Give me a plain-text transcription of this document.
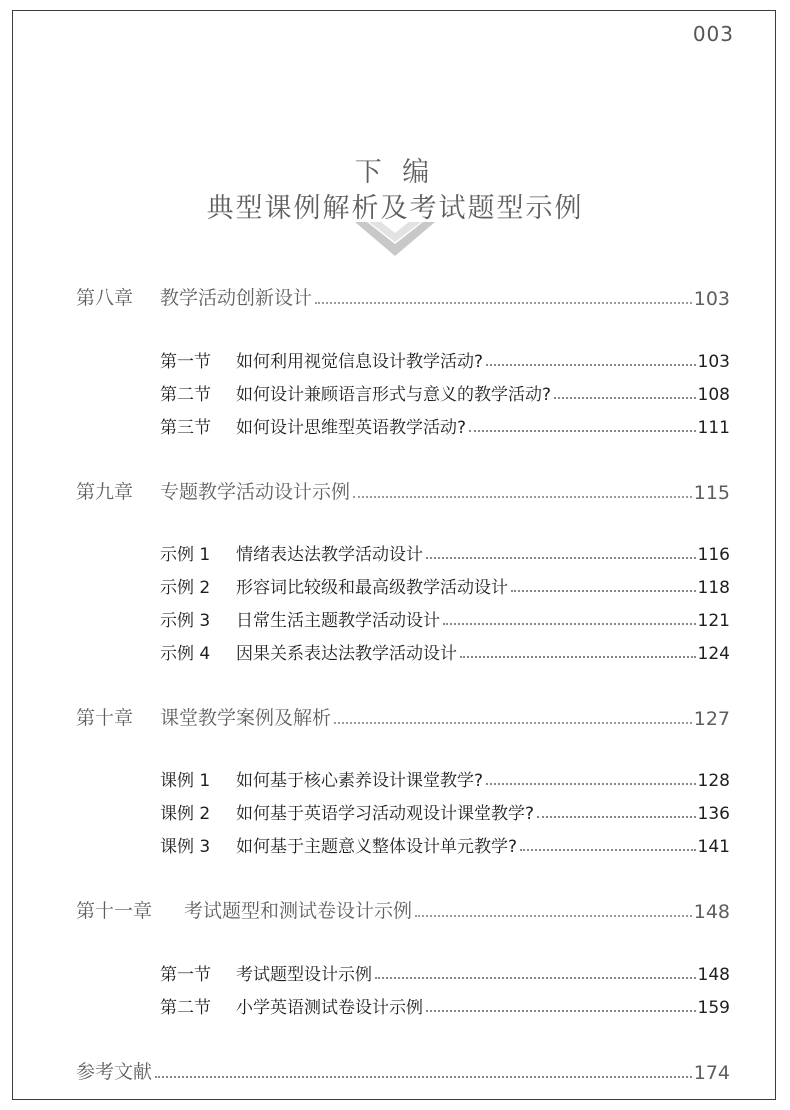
003
下 编
典型课例解析及考试题型示例
第八章	教学活动创新设计	103
第一节	如何利用视觉信息设计教学活动?	103
第二节	如何设计兼顾语言形式与意义的教学活动?	108
第三节	如何设计思维型英语教学活动?	111
第九章	专题教学活动设计示例	115
示例 1	情绪表达法教学活动设计	116
示例 2	形容词比较级和最高级教学活动设计	118
示例 3	日常生活主题教学活动设计	121
示例 4	因果关系表达法教学活动设计	124
第十章	课堂教学案例及解析	127
课例 1	如何基于核心素养设计课堂教学?	128
课例 2	如何基于英语学习活动观设计课堂教学?	136
课例 3	如何基于主题意义整体设计单元教学?	141
第十一章	考试题型和测试卷设计示例	148
第一节	考试题型设计示例	148
第二节	小学英语测试卷设计示例	159
参考文献	174
